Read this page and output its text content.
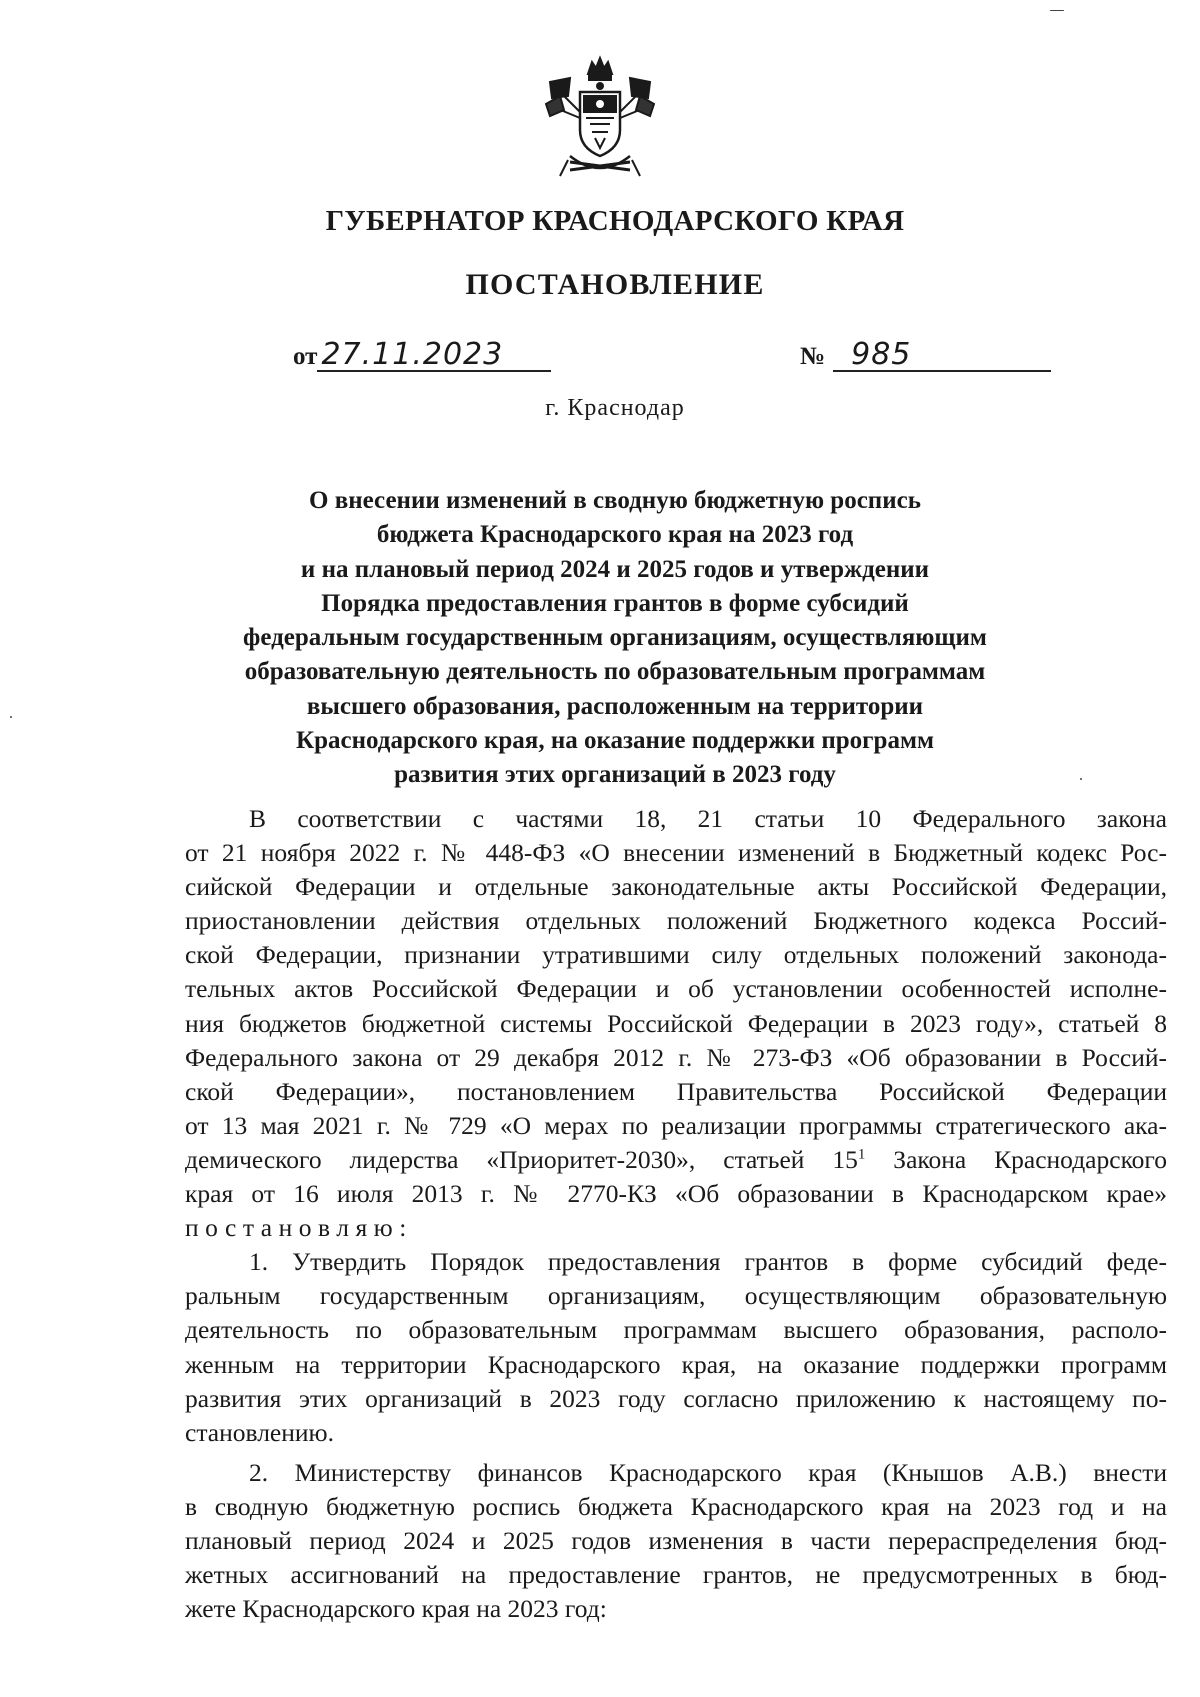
ГУБЕРНАТОР КРАСНОДАРСКОГО КРАЯ
ПОСТАНОВЛЕНИЕ
от 27.11.2023	№ 985
г. Краснодар
О внесении изменений в сводную бюджетную роспись
бюджета Краснодарского края на 2023 год
и на плановый период 2024 и 2025 годов и утверждении
Порядка предоставления грантов в форме субсидий
федеральным государственным организациям, осуществляющим
образовательную деятельность по образовательным программам
высшего образования, расположенным на территории
Краснодарского края, на оказание поддержки программ
развития этих организаций в 2023 году
В соответствии с частями 18, 21 статьи 10 Федерального закона
от 21 ноября 2022 г. № 448-ФЗ «О внесении изменений в Бюджетный кодекс Рос-
сийской Федерации и отдельные законодательные акты Российской Федерации,
приостановлении действия отдельных положений Бюджетного кодекса Россий-
ской Федерации, признании утратившими силу отдельных положений законода-
тельных актов Российской Федерации и об установлении особенностей исполне-
ния бюджетов бюджетной системы Российской Федерации в 2023 году», статьей 8
Федерального закона от 29 декабря 2012 г. № 273-ФЗ «Об образовании в Россий-
ской Федерации», постановлением Правительства Российской Федерации
от 13 мая 2021 г. № 729 «О мерах по реализации программы стратегического ака-
демического лидерства «Приоритет-2030», статьей $15^1$ Закона Краснодарского
края от 16 июля 2013 г. № 2770-КЗ «Об образовании в Краснодарском крае»
постановляю:
1. Утвердить Порядок предоставления грантов в форме субсидий феде-
ральным государственным организациям, осуществляющим образовательную
деятельность по образовательным программам высшего образования, располо-
женным на территории Краснодарского края, на оказание поддержки программ
развития этих организаций в 2023 году согласно приложению к настоящему по-
становлению.
2. Министерству финансов Краснодарского края (Кнышов А.В.) внести
в сводную бюджетную роспись бюджета Краснодарского края на 2023 год и на
плановый период 2024 и 2025 годов изменения в части перераспределения бюд-
жетных ассигнований на предоставление грантов, не предусмотренных в бюд-
жете Краснодарского края на 2023 год:
